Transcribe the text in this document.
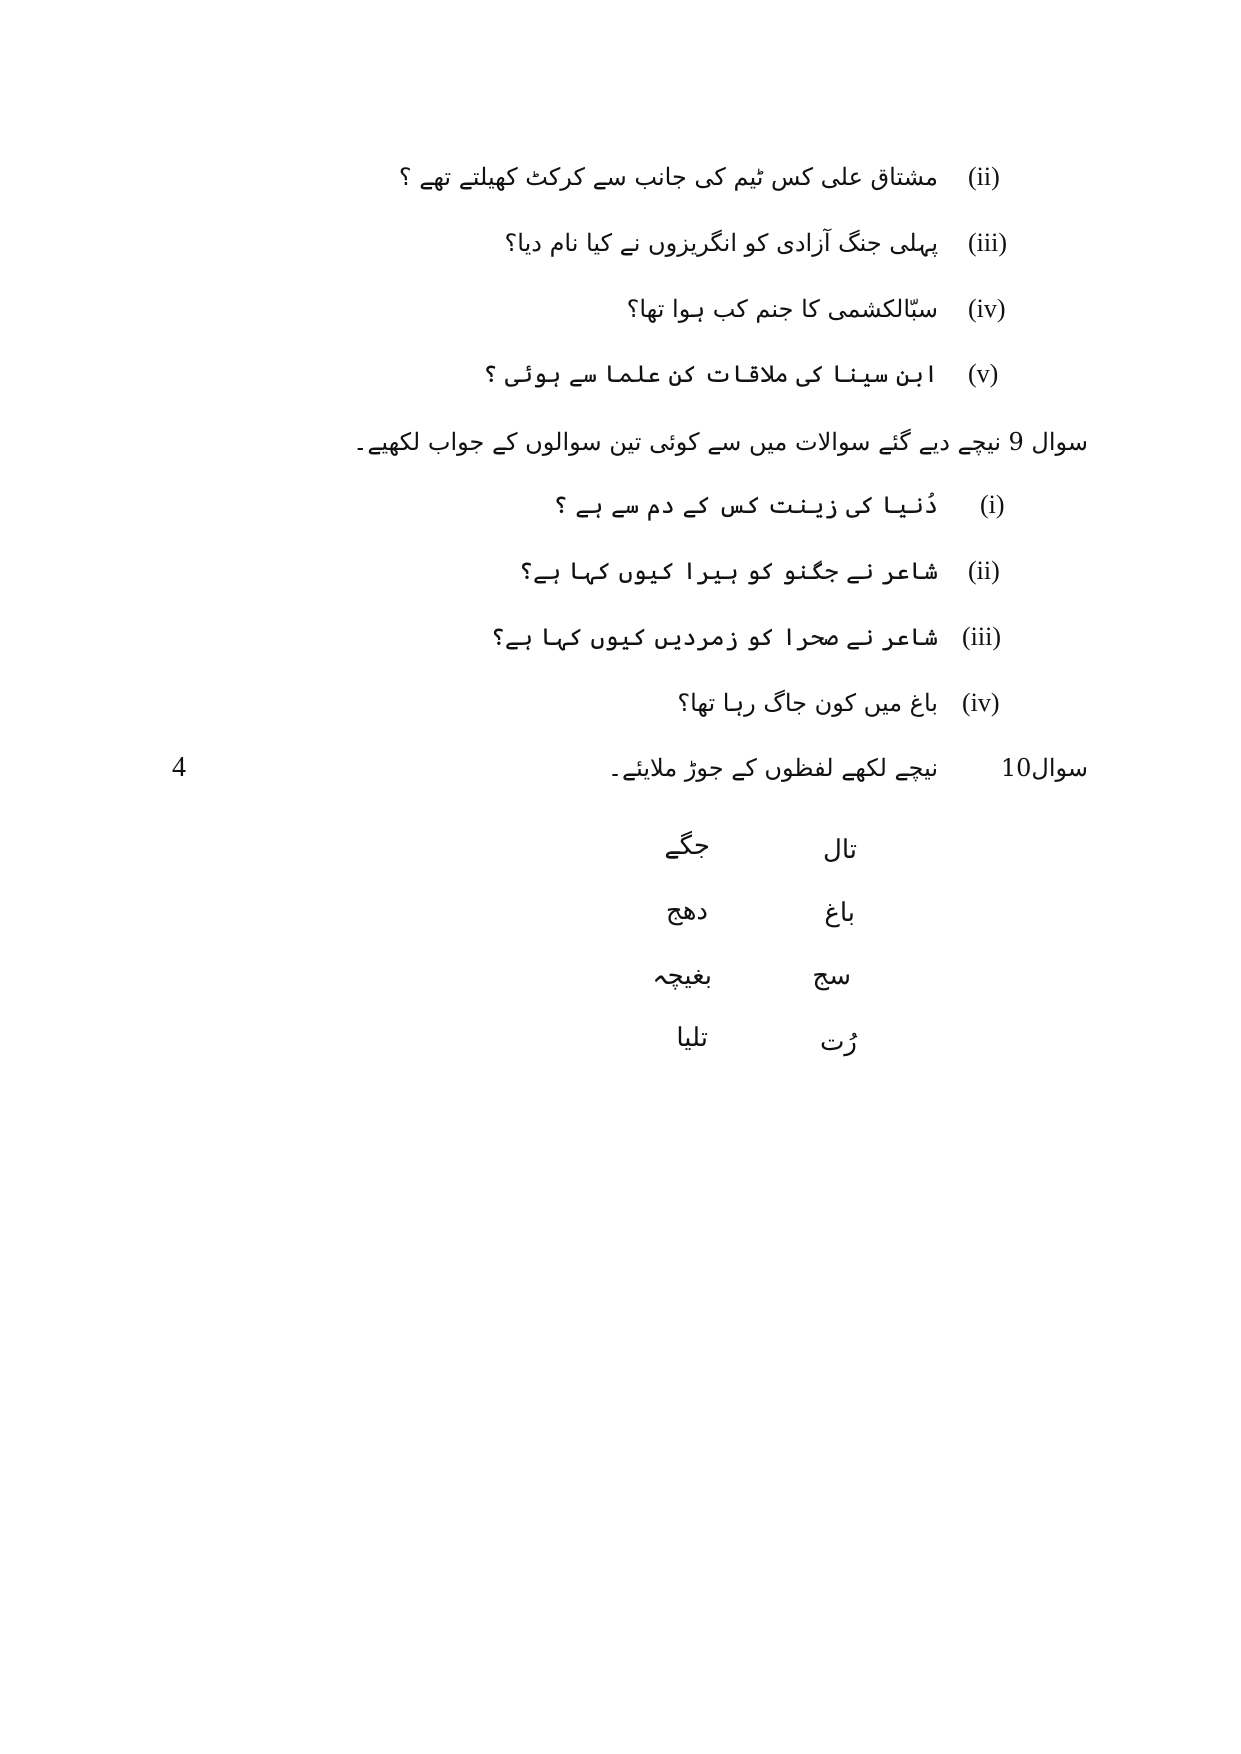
(ii)
مشتاق علی کس ٹیم کی جانب سے کرکٹ کھیلتے تھے ؟
(iii)
پہلی جنگ آزادی کو انگریزوں نے کیا نام دیا؟
(iv)
سبّالکشمی کا جنم کب ہوا تھا؟
(v)
ابن سینا کی ملاقات کن علما سے ہوئی ؟
سوال 9
نیچے دیے گئے سوالات میں سے کوئی تین سوالوں کے جواب لکھیے۔
(i)
دُنیا کی زینت کس کے دم سے ہے ؟
(ii)
شاعر نے جگنو کو ہیرا کیوں کہا ہے؟
(iii)
شاعر نے صحرا کو زمردیں کیوں کہا ہے؟
(iv)
باغ میں کون جاگ رہا تھا؟
سوال10
نیچے لکھے لفظوں کے جوڑ ملایئے۔
تال
باغ
سج
رُت
جگے
دھج
بغیچہ
تلیا
4
